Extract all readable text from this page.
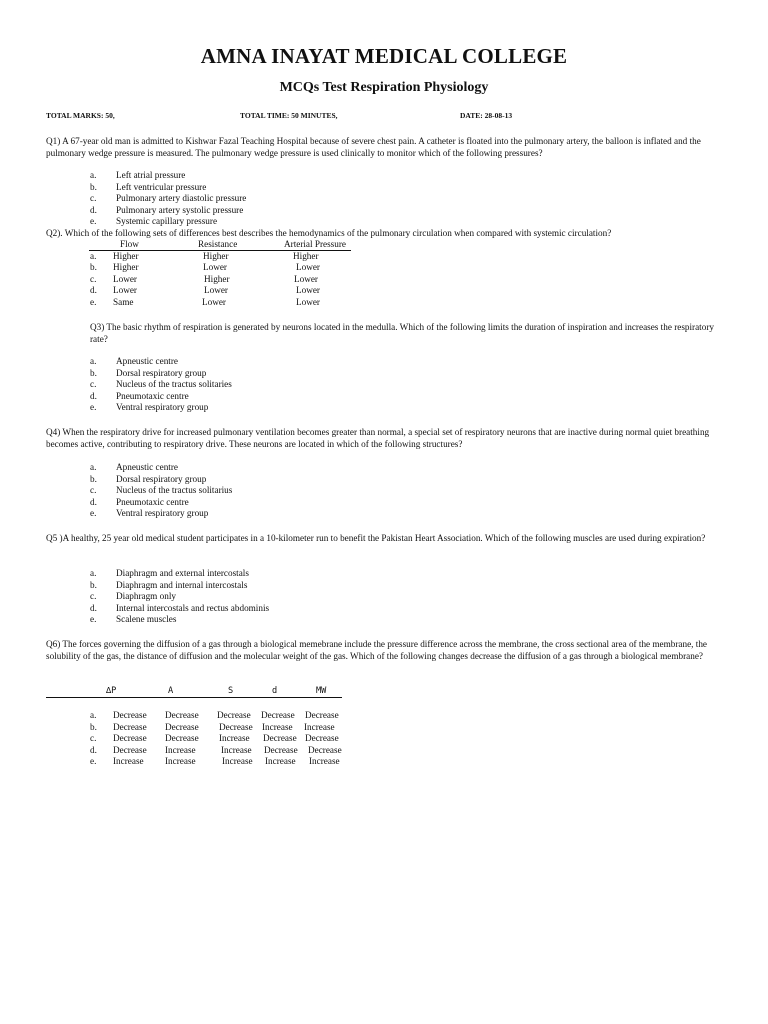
AMNA INAYAT MEDICAL COLLEGE
MCQs Test Respiration Physiology
TOTAL MARKS: 50,	TOTAL TIME: 50 MINUTES,	DATE: 28-08-13

Q1) A 67-year old man is admitted to Kishwar Fazal Teaching Hospital because of severe chest pain. A catheter is floated into the pulmonary artery, the balloon is inflated and the pulmonary wedge pressure is measured. The pulmonary wedge pressure is used clinically to monitor which of the following pressures?

a.	Left atrial pressure
b.	Left ventricular pressure
c.	Pulmonary artery diastolic pressure
d.	Pulmonary artery systolic pressure
e.	Systemic capillary pressure

Q2). Which of the following sets of differences best describes the hemodynamics of the pulmonary circulation when compared with systemic circulation?

Flow	Resistance	Arterial Pressure
a.	Higher	Higher	Higher
b.	Higher	Lower	Lower
c.	Lower	Higher	Lower
d.	Lower	Lower	Lower
e.	Same	Lower	Lower

Q3) The basic rhythm of respiration is generated by neurons located in the medulla. Which of the following limits the duration of inspiration and increases the respiratory rate?

a.	Apneustic centre
b.	Dorsal respiratory group
c.	Nucleus of the tractus solitaries
d.	Pneumotaxic centre
e.	Ventral respiratory group

Q4) When the respiratory drive for increased pulmonary ventilation becomes greater than normal, a special set of respiratory neurons that are inactive during normal quiet breathing becomes active, contributing to respiratory drive. These neurons are located in which of the following structures?

a.	Apneustic centre
b.	Dorsal respiratory group
c.	Nucleus of the tractus solitarius
d.	Pneumotaxic centre
e.	Ventral respiratory group

Q5 )A healthy, 25 year old medical student participates in a 10-kilometer run to benefit the Pakistan Heart Association. Which of the following muscles are used during expiration?

a.	Diaphragm and external intercostals
b.	Diaphragm and internal intercostals
c.	Diaphragm only
d.	Internal intercostals and rectus abdominis
e.	Scalene muscles

Q6) The forces governing the diffusion of a gas through a biological memebrane include the pressure difference across the membrane, the cross sectional area of the membrane, the solubility of the gas, the distance of diffusion and the molecular weight of the gas. Which of the following changes decrease the diffusion of a gas through a biological membrane?

∆P	A	S	d	MW
a.	Decrease	Decrease	Decrease	Decrease	Decrease
b.	Decrease	Decrease	Decrease	Increase	Increase
c.	Decrease	Decrease	Increase	Decrease Decrease
d.	Decrease	Increase	Increase	Decrease	Decrease
e.	Increase	Increase	Increase	Increase	Increase
